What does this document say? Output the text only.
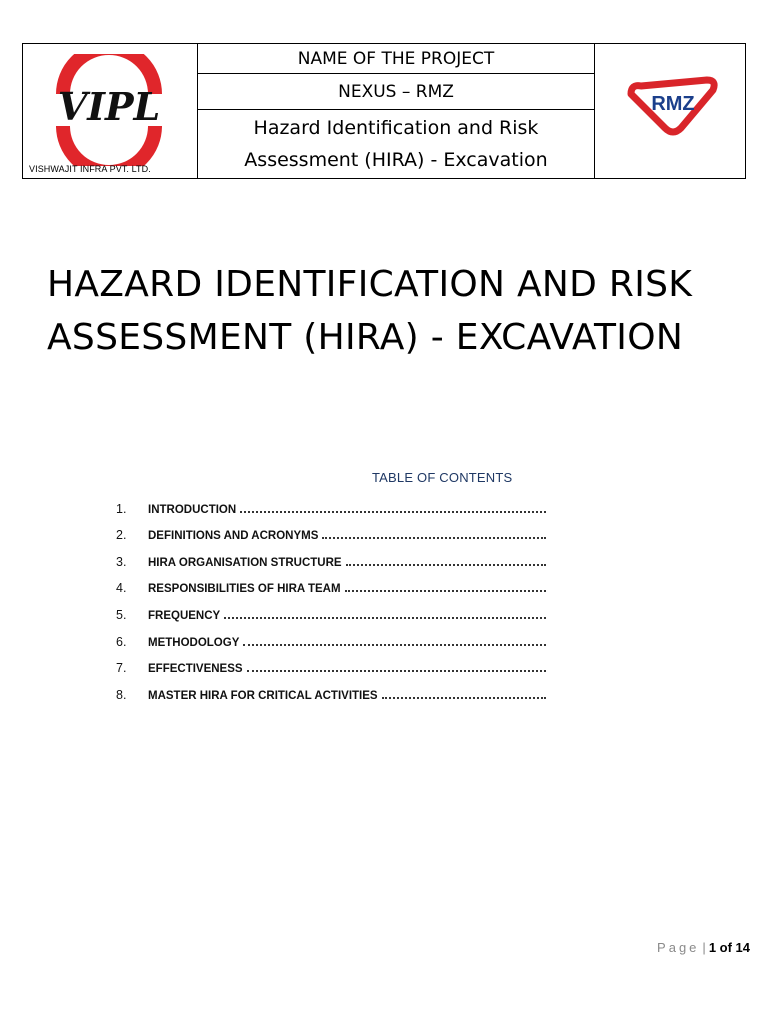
VIPL
VISHWAJIT INFRA PVT. LTD.
NAME OF THE PROJECT
NEXUS – RMZ
Hazard Identification and Risk
Assessment (HIRA) - Excavation
RMZ
HAZARD IDENTIFICATION AND RISK
ASSESSMENT (HIRA) - EXCAVATION
TABLE OF CONTENTS
1.	INTRODUCTION
2.	DEFINITIONS AND ACRONYMS
3.	HIRA ORGANISATION STRUCTURE
4.	RESPONSIBILITIES OF HIRA TEAM
5.	FREQUENCY
6.	METHODOLOGY
7.	EFFECTIVENESS
8.	MASTER HIRA FOR CRITICAL ACTIVITIES
Page | 1 of 14
